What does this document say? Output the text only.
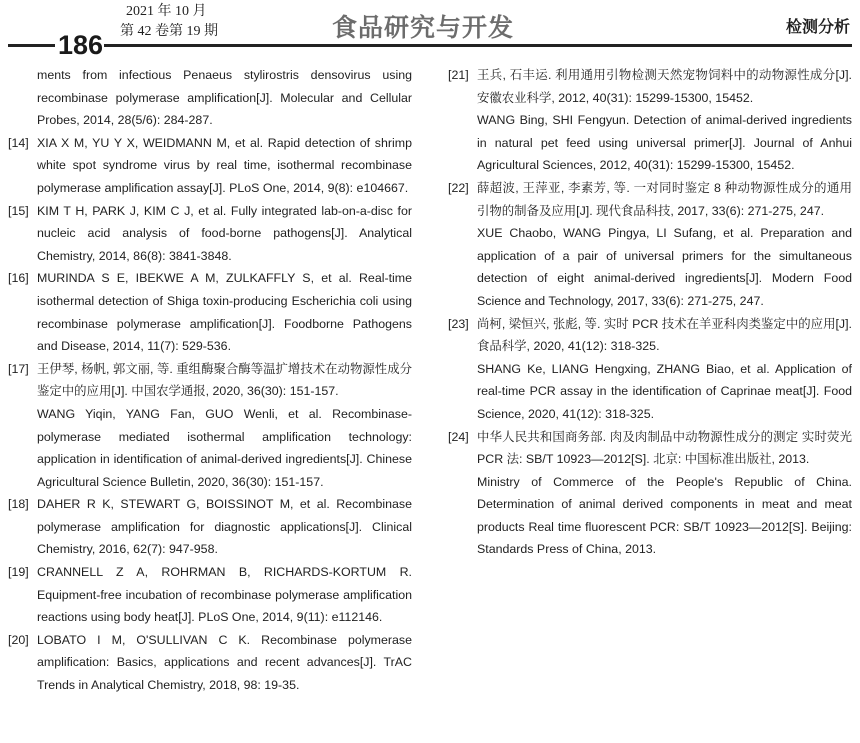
186
2021 年 10 月
第 42 卷第 19 期	食品研究与开发	检测分析

ments from infectious Penaeus stylirostris densovirus using recombinase polymerase amplification[J]. Molecular and Cellular Probes, 2014, 28(5/6): 284-287.

[14] XIA X M, YU Y X, WEIDMANN M, et al. Rapid detection of shrimp white spot syndrome virus by real time, isothermal recombinase polymerase amplification assay[J]. PLoS One, 2014, 9(8): e104667.

[15] KIM T H, PARK J, KIM C J, et al. Fully integrated lab-on-a-disc for nucleic acid analysis of food-borne pathogens[J]. Analytical Chemistry, 2014, 86(8): 3841-3848.

[16] MURINDA S E, IBEKWE A M, ZULKAFFLY S, et al. Real-time isothermal detection of Shiga toxin-producing Escherichia coli using recombinase polymerase amplification[J]. Foodborne Pathogens and Disease, 2014, 11(7): 529-536.

[17] 王伊琴, 杨帆, 郭文丽, 等. 重组酶聚合酶等温扩增技术在动物源性成分鉴定中的应用[J]. 中国农学通报, 2020, 36(30): 151-157.

WANG Yiqin, YANG Fan, GUO Wenli, et al. Recombinase-polymerase mediated isothermal amplification technology: application in identification of animal-derived ingredients[J]. Chinese Agricultural Science Bulletin, 2020, 36(30): 151-157.

[18] DAHER R K, STEWART G, BOISSINOT M, et al. Recombinase polymerase amplification for diagnostic applications[J]. Clinical Chemistry, 2016, 62(7): 947-958.

[19] CRANNELL Z A, ROHRMAN B, RICHARDS-KORTUM R. Equipment-free incubation of recombinase polymerase amplification reactions using body heat[J]. PLoS One, 2014, 9(11): e112146.

[20] LOBATO I M, O'SULLIVAN C K. Recombinase polymerase amplification: Basics, applications and recent advances[J]. TrAC Trends in Analytical Chemistry, 2018, 98: 19-35.

[21] 王兵, 石丰运. 利用通用引物检测天然宠物饲料中的动物源性成分[J]. 安徽农业科学, 2012, 40(31): 15299-15300, 15452.

WANG Bing, SHI Fengyun. Detection of animal-derived ingredients in natural pet feed using universal primer[J]. Journal of Anhui Agricultural Sciences, 2012, 40(31): 15299-15300, 15452.

[22] 薛超波, 王萍亚, 李素芳, 等. 一对同时鉴定 8 种动物源性成分的通用引物的制备及应用[J]. 现代食品科技, 2017, 33(6): 271-275, 247.

XUE Chaobo, WANG Pingya, LI Sufang, et al. Preparation and application of a pair of universal primers for the simultaneous detection of eight animal-derived ingredients[J]. Modern Food Science and Technology, 2017, 33(6): 271-275, 247.

[23] 尚柯, 梁恒兴, 张彪, 等. 实时 PCR 技术在羊亚科肉类鉴定中的应用[J]. 食品科学, 2020, 41(12): 318-325.

SHANG Ke, LIANG Hengxing, ZHANG Biao, et al. Application of real-time PCR assay in the identification of Caprinae meat[J]. Food Science, 2020, 41(12): 318-325.

[24] 中华人民共和国商务部. 肉及肉制品中动物源性成分的测定 实时荧光 PCR 法: SB/T 10923—2012[S]. 北京: 中国标准出版社, 2013.

Ministry of Commerce of the People's Republic of China. Determination of animal derived components in meat and meat products Real time fluorescent PCR: SB/T 10923—2012[S]. Beijing: Standards Press of China, 2013.
